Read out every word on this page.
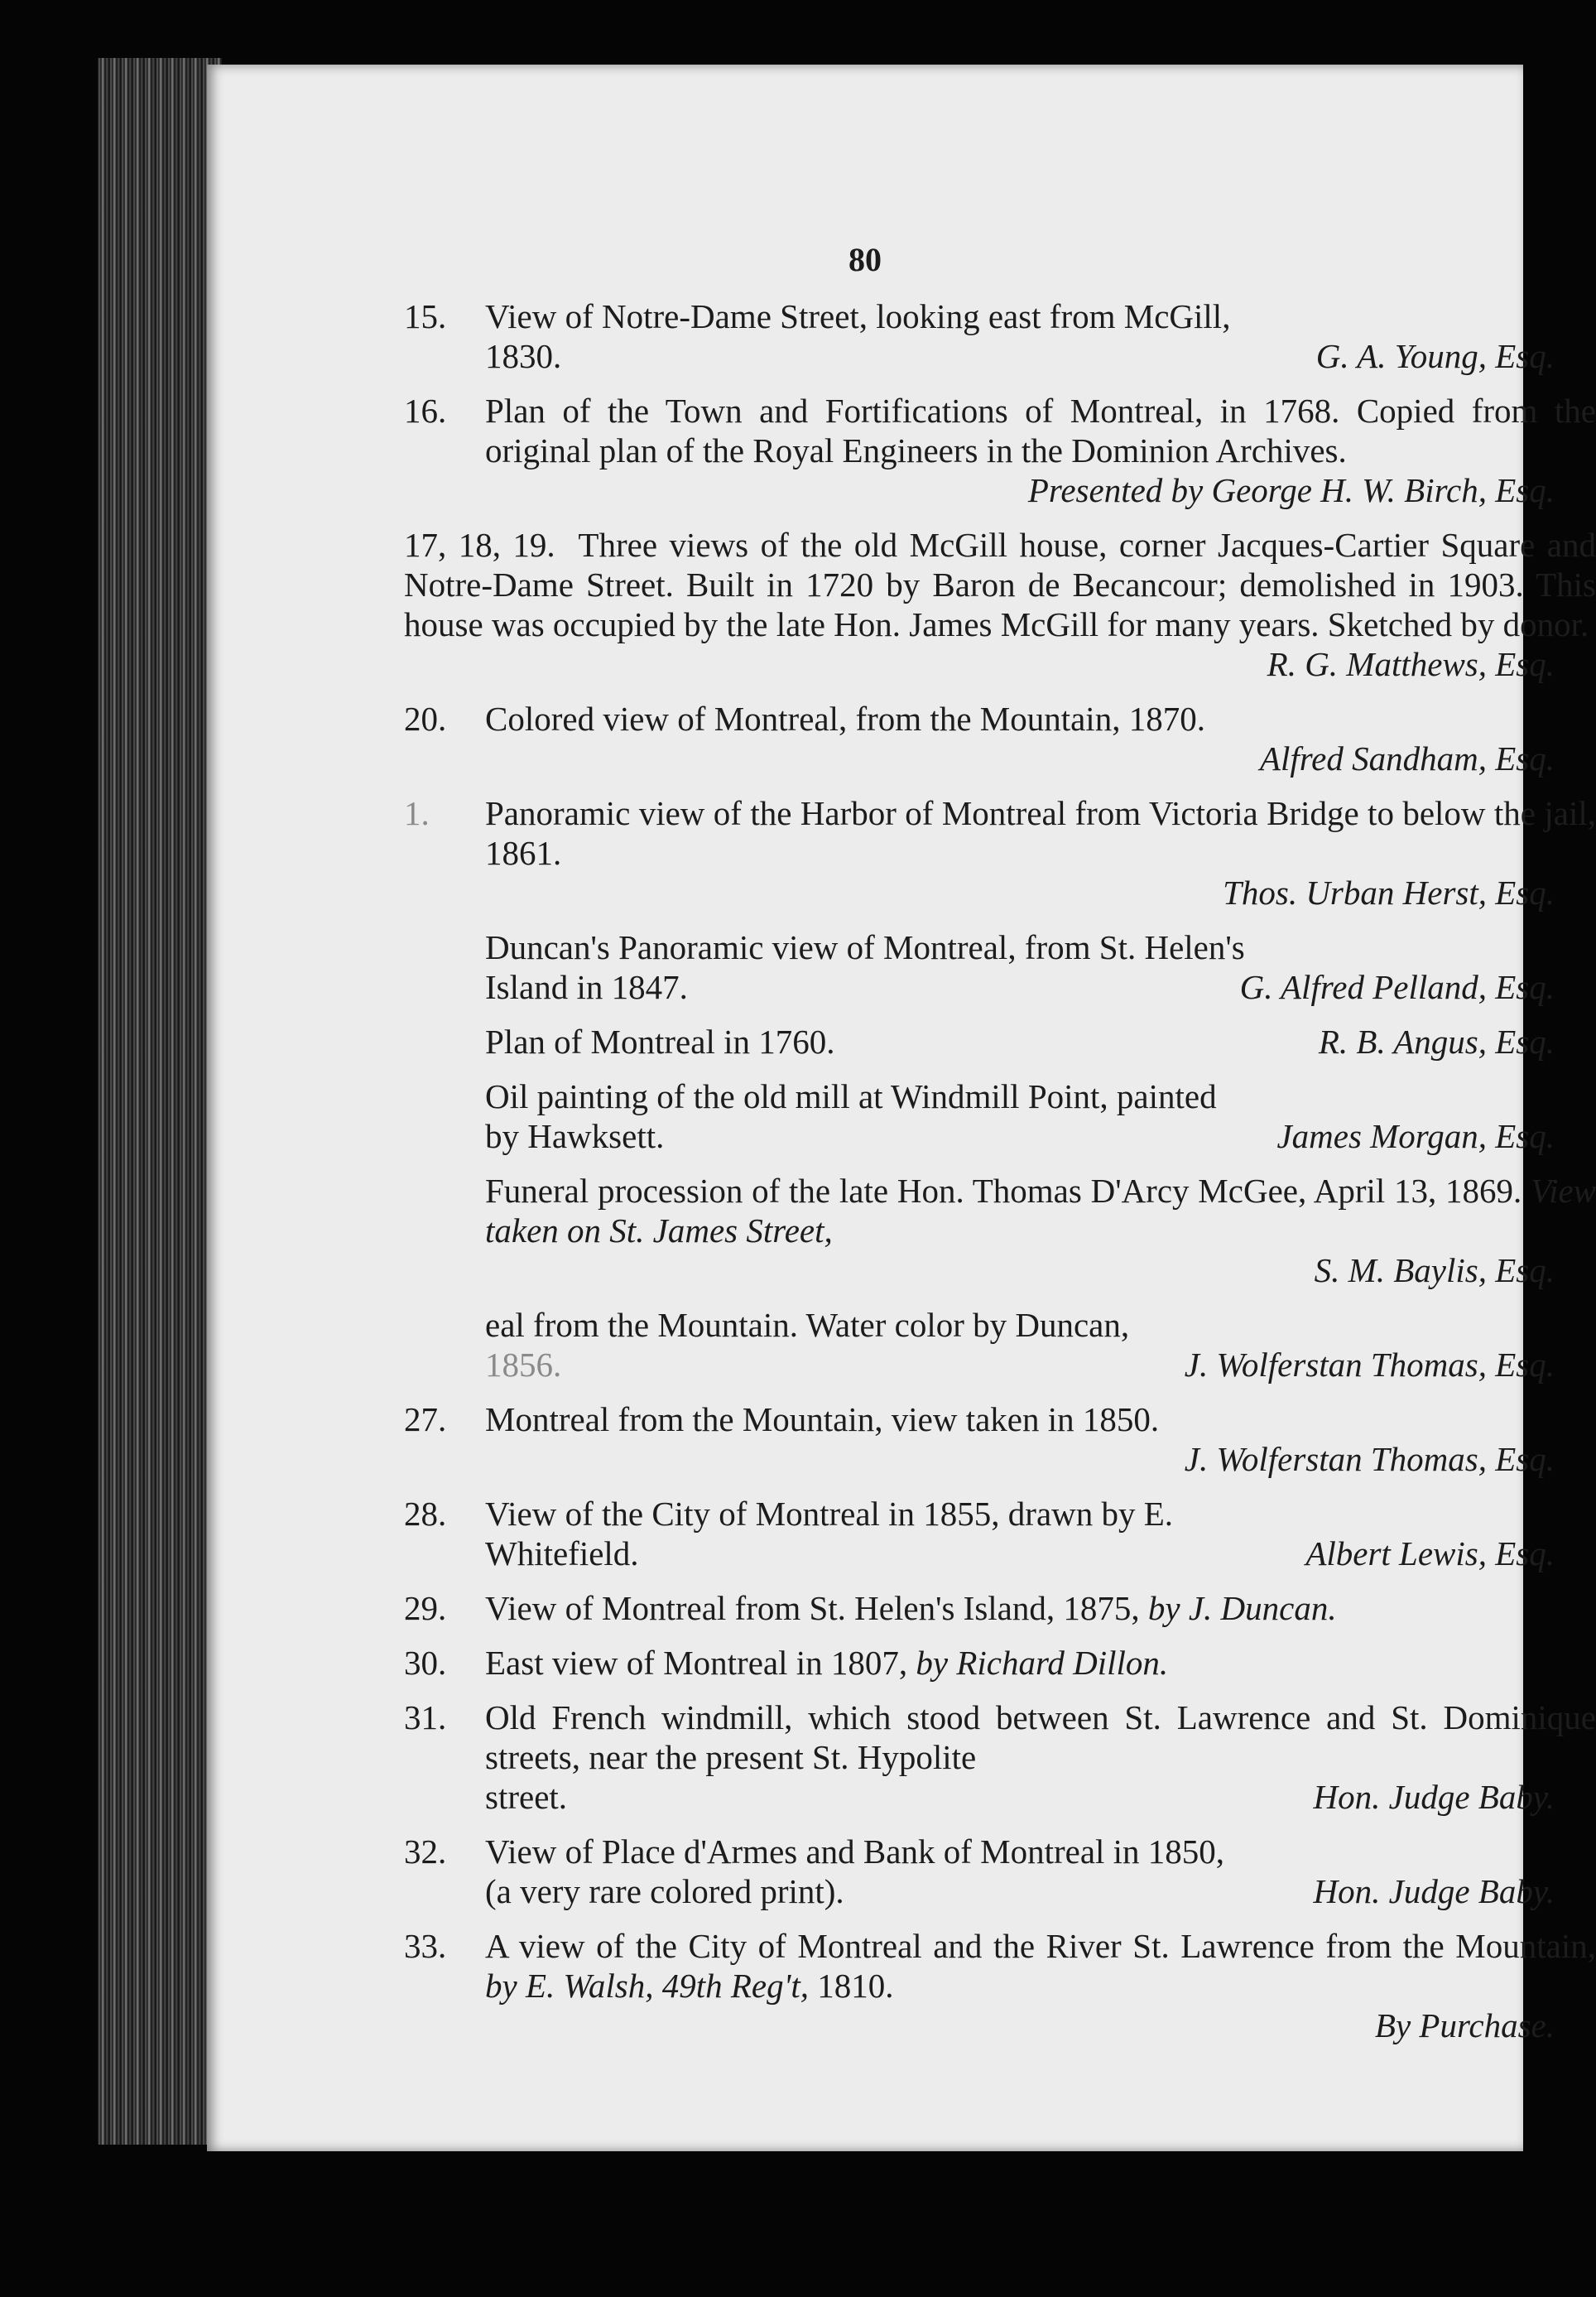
80
15.	View of Notre-Dame Street, looking east from McGill,
1830.	G. A. Young, Esq.
16.	Plan of the Town and Fortifications of Montreal, in 1768. Copied from the original plan of the Royal Engineers in the Dominion Archives.
Presented by George H. W. Birch, Esq.
17, 18, 19. Three views of the old McGill house, corner Jacques-Cartier Square and Notre-Dame Street. Built in 1720 by Baron de Becancour; demolished in 1903. This house was occupied by the late Hon. James McGill for many years. Sketched by donor.
R. G. Matthews, Esq.
20.	Colored view of Montreal, from the Mountain, 1870.
Alfred Sandham, Esq.
1.	Panoramic view of the Harbor of Montreal from Victoria Bridge to below the jail, 1861.
Thos. Urban Herst, Esq.
Duncan's Panoramic view of Montreal, from St. Helen's
Island in 1847.	G. Alfred Pelland, Esq.
Plan of Montreal in 1760.	R. B. Angus, Esq.
Oil painting of the old mill at Windmill Point, painted
by Hawksett.	James Morgan, Esq.
Funeral procession of the late Hon. Thomas D'Arcy McGee, April 13, 1869. View taken on St. James Street,
S. M. Baylis, Esq.
eal from the Mountain. Water color by Duncan,
1856.	J. Wolferstan Thomas, Esq.
27.	Montreal from the Mountain, view taken in 1850.
J. Wolferstan Thomas, Esq.
28.	View of the City of Montreal in 1855, drawn by E.
Whitefield.	Albert Lewis, Esq.
29.	View of Montreal from St. Helen's Island, 1875, by J. Duncan.
30.	East view of Montreal in 1807, by Richard Dillon.
31.	Old French windmill, which stood between St. Lawrence and St. Dominique streets, near the present St. Hypolite
street.	Hon. Judge Baby.
32.	View of Place d'Armes and Bank of Montreal in 1850,
(a very rare colored print).	Hon. Judge Baby.
33.	A view of the City of Montreal and the River St. Lawrence from the Mountain, by E. Walsh, 49th Reg't, 1810.
By Purchase.
